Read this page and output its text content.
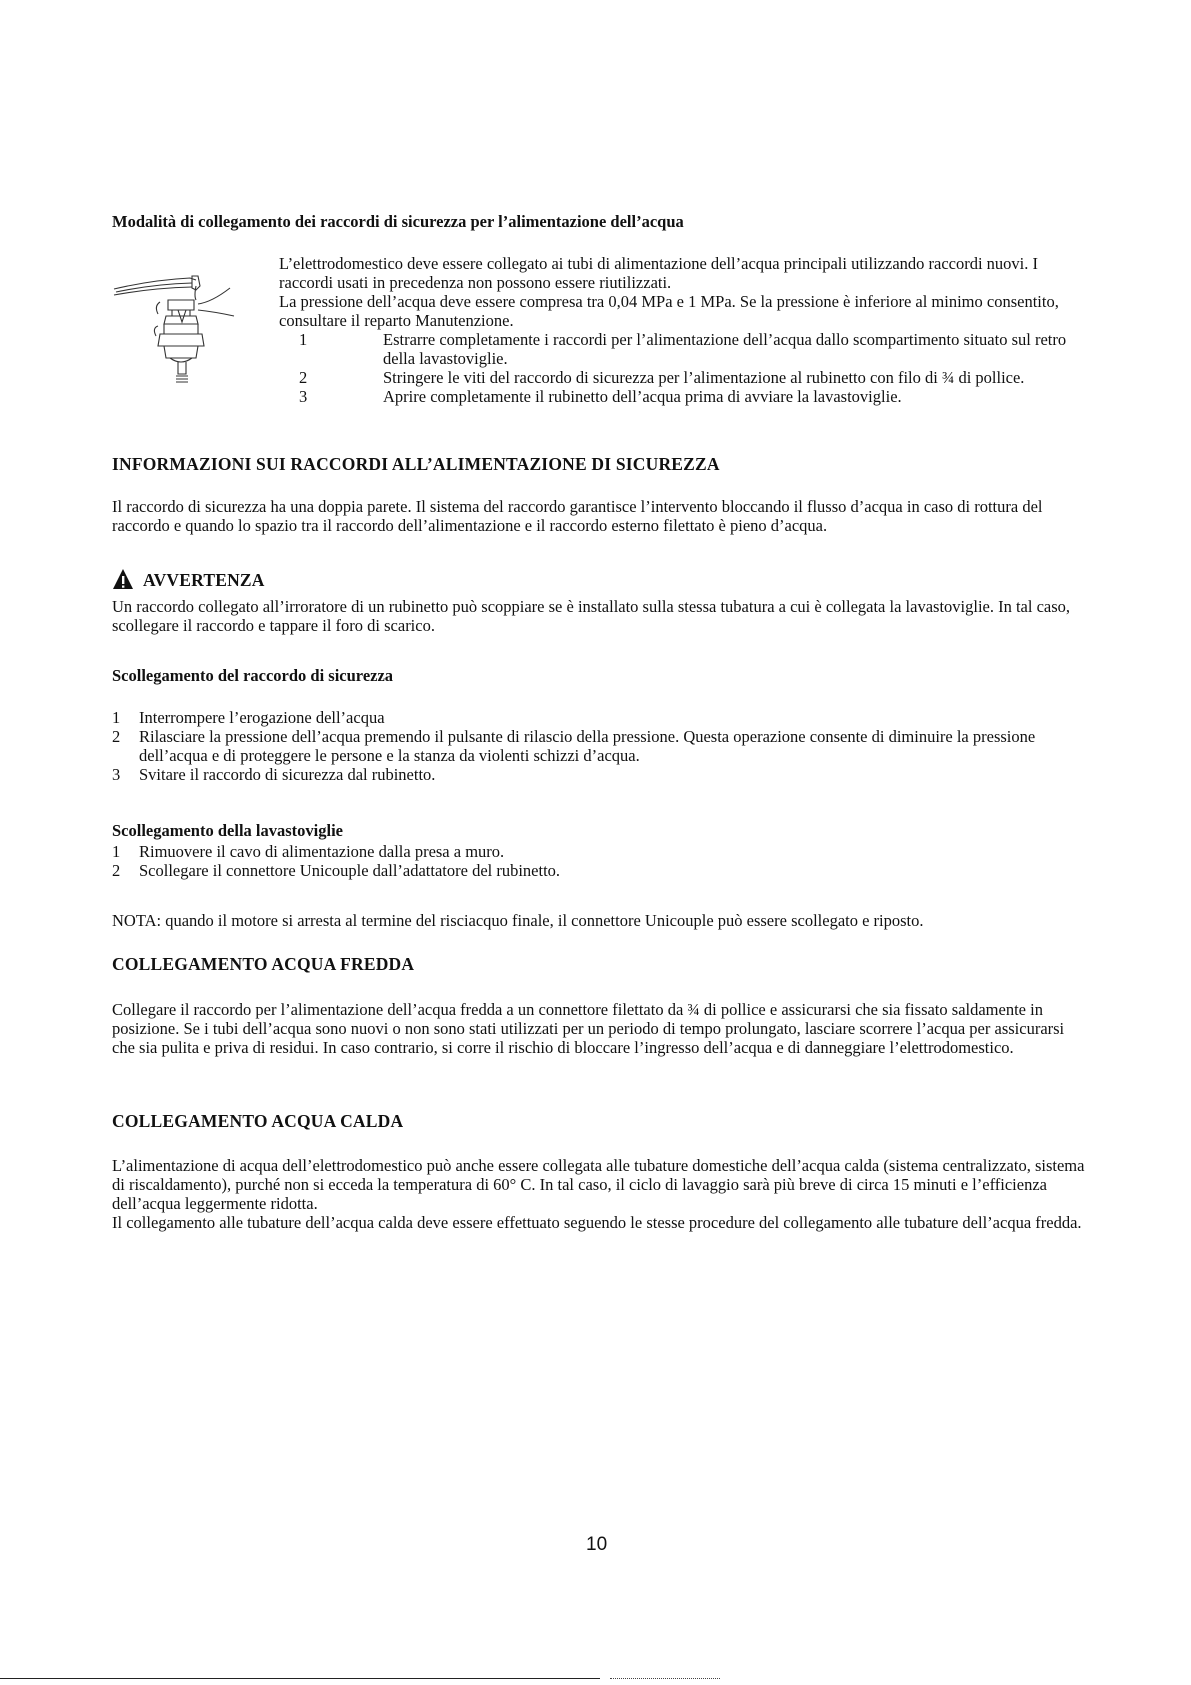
Modalità di collegamento dei raccordi di sicurezza per l’alimentazione dell’acqua

L’elettrodomestico deve essere collegato ai tubi di alimentazione dell’acqua principali utilizzando raccordi nuovi. I raccordi usati in precedenza non possono essere riutilizzati.

La pressione dell’acqua deve essere compresa tra 0,04 MPa e 1 MPa. Se la pressione è inferiore al minimo consentito, consultare il reparto Manutenzione.

1	Estrarre completamente i raccordi per l’alimentazione dell’acqua dallo scompartimento situato sul retro della lavastoviglie.
2	Stringere le viti del raccordo di sicurezza per l’alimentazione al rubinetto con filo di ¾ di pollice.
3	Aprire completamente il rubinetto dell’acqua prima di avviare la lavastoviglie.
INFORMAZIONI SUI RACCORDI ALL’ALIMENTAZIONE DI SICUREZZA

Il raccordo di sicurezza ha una doppia parete. Il sistema del raccordo garantisce l’intervento bloccando il flusso d’acqua in caso di rottura del raccordo e quando lo spazio tra il raccordo dell’alimentazione e il raccordo esterno filettato è pieno d’acqua.

AVVERTENZA

Un raccordo collegato all’irroratore di un rubinetto può scoppiare se è installato sulla stessa tubatura a cui è collegata la lavastoviglie. In tal caso, scollegare il raccordo e tappare il foro di scarico.

Scollegamento del raccordo di sicurezza
1	Interrompere l’erogazione dell’acqua
2	Rilasciare la pressione dell’acqua premendo il pulsante di rilascio della pressione. Questa operazione consente di diminuire la pressione dell’acqua e di proteggere le persone e la stanza da violenti schizzi d’acqua.
3	Svitare il raccordo di sicurezza dal rubinetto.
Scollegamento della lavastoviglie
1	Rimuovere il cavo di alimentazione dalla presa a muro.
2	Scollegare il connettore Unicouple dall’adattatore del rubinetto.

NOTA: quando il motore si arresta al termine del risciacquo finale, il connettore Unicouple può essere scollegato e riposto.

COLLEGAMENTO ACQUA FREDDA

Collegare il raccordo per l’alimentazione dell’acqua fredda a un connettore filettato da ¾ di pollice e assicurarsi che sia fissato saldamente in posizione. Se i tubi dell’acqua sono nuovi o non sono stati utilizzati per un periodo di tempo prolungato, lasciare scorrere l’acqua per assicurarsi che sia pulita e priva di residui. In caso contrario, si corre il rischio di bloccare l’ingresso dell’acqua e di danneggiare l’elettrodomestico.

COLLEGAMENTO ACQUA CALDA

L’alimentazione di acqua dell’elettrodomestico può anche essere collegata alle tubature domestiche dell’acqua calda (sistema centralizzato, sistema di riscaldamento), purché non si ecceda la temperatura di 60° C. In tal caso, il ciclo di lavaggio sarà più breve di circa 15 minuti e l’efficienza dell’acqua leggermente ridotta.

Il collegamento alle tubature dell’acqua calda deve essere effettuato seguendo le stesse procedure del collegamento alle tubature dell’acqua fredda.

10
